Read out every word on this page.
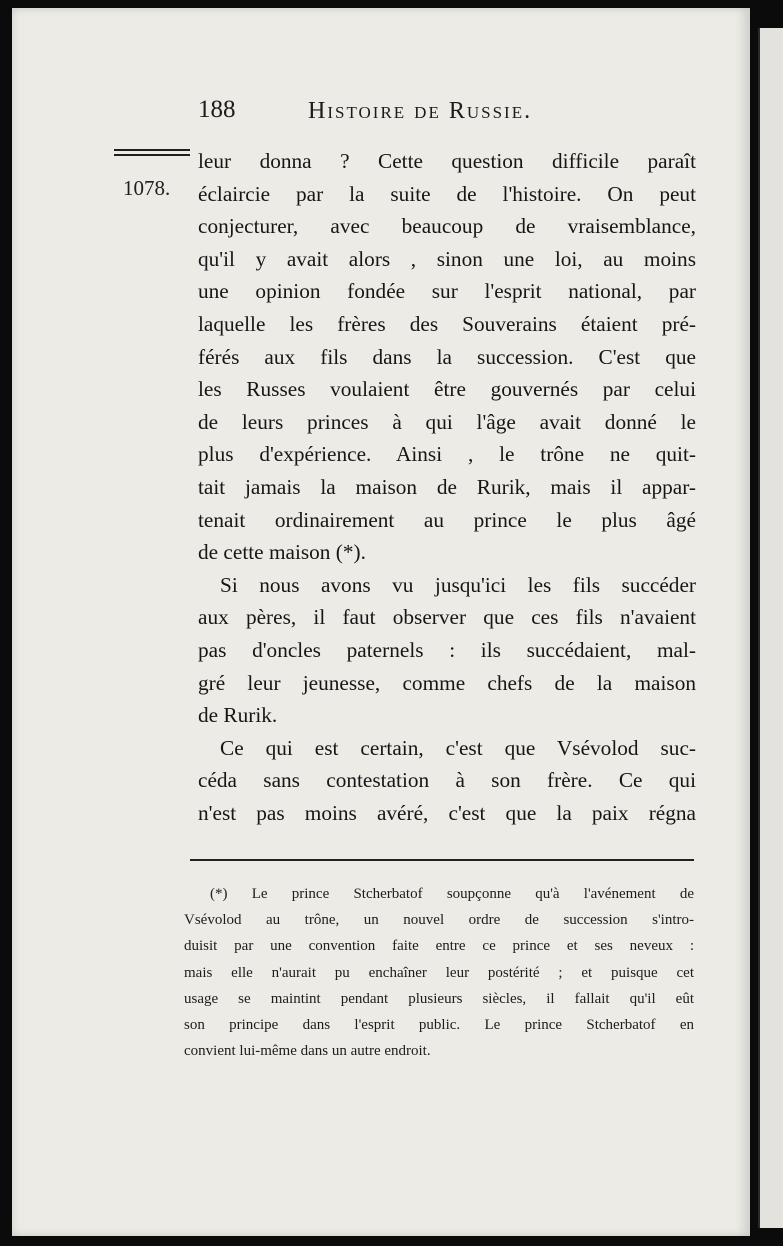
188	Histoire de Russie.
1078.
leur donna ? Cette question difficile paraît
éclaircie par la suite de l'histoire. On peut
conjecturer, avec beaucoup de vraisemblance,
qu'il y avait alors , sinon une loi, au moins
une opinion fondée sur l'esprit national, par
laquelle les frères des Souverains étaient pré-
férés aux fils dans la succession. C'est que
les Russes voulaient être gouvernés par celui
de leurs princes à qui l'âge avait donné le
plus d'expérience. Ainsi , le trône ne quit-
tait jamais la maison de Rurik, mais il appar-
tenait ordinairement au prince le plus âgé
de cette maison (*).
Si nous avons vu jusqu'ici les fils succéder
aux pères, il faut observer que ces fils n'avaient
pas d'oncles paternels : ils succédaient, mal-
gré leur jeunesse, comme chefs de la maison
de Rurik.
Ce qui est certain, c'est que Vsévolod suc-
céda sans contestation à son frère. Ce qui
n'est pas moins avéré, c'est que la paix régna
(*) Le prince Stcherbatof soupçonne qu'à l'avénement de
Vsévolod au trône, un nouvel ordre de succession s'intro-
duisit par une convention faite entre ce prince et ses neveux :
mais elle n'aurait pu enchaîner leur postérité ; et puisque cet
usage se maintint pendant plusieurs siècles, il fallait qu'il eût
son principe dans l'esprit public. Le prince Stcherbatof en
convient lui-même dans un autre endroit.
